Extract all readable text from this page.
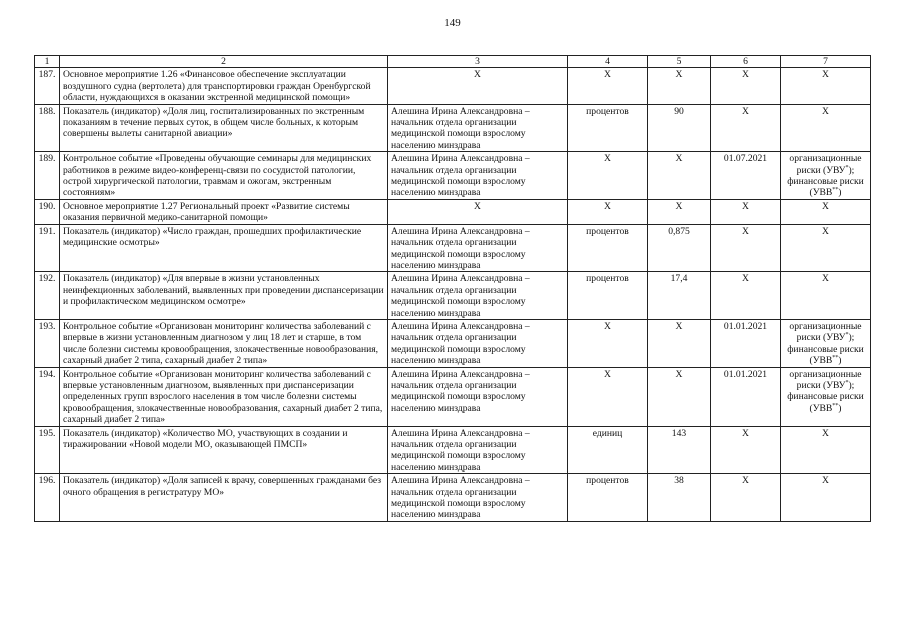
149
1	2	3	4	5	6	7
187.	Основное мероприятие 1.26 «Финансовое обеспечение эксплуатации воздушного судна (вертолета) для транспортировки граждан Оренбургской области, нуждающихся в оказании экстренной медицинской помощи»	X	X	X	X	X
188.	Показатель (индикатор) «Доля лиц, госпитализированных по экстренным показаниям в течение первых суток, в общем числе больных, к которым совершены вылеты санитарной авиации»	Алешина Ирина Александровна – начальник отдела организации медицинской помощи взрослому населению минздрава	процентов	90	X	X
189.	Контрольное событие «Проведены обучающие семинары для медицинских работников в режиме видео-конференц-связи по сосудистой патологии, острой хирургической патологии, травмам и ожогам, экстренным состояниям»	Алешина Ирина Александровна – начальник отдела организации медицинской помощи взрослому населению минздрава	X	X	01.07.2021	организационные риски (УВУ*); финансовые риски (УВВ**)
190.	Основное мероприятие 1.27 Региональный проект «Развитие системы оказания первичной медико-санитарной помощи»	X	X	X	X	X
191.	Показатель (индикатор) «Число граждан, прошедших профилактические медицинские осмотры»	Алешина Ирина Александровна – начальник отдела организации медицинской помощи взрослому населению минздрава	процентов	0,875	X	X
192.	Показатель (индикатор) «Для впервые в жизни установленных неинфекционных заболеваний, выявленных при проведении диспансеризации и профилактическом медицинском осмотре»	Алешина Ирина Александровна – начальник отдела организации медицинской помощи взрослому населению минздрава	процентов	17,4	X	X
193.	Контрольное событие «Организован мониторинг количества заболеваний с впервые в жизни установленным диагнозом у лиц 18 лет и старше, в том числе болезни системы кровообращения, злокачественные новообразования, сахарный диабет 2 типа, сахарный диабет 2 типа»	Алешина Ирина Александровна – начальник отдела организации медицинской помощи взрослому населению минздрава	X	X	01.01.2021	организационные риски (УВУ*); финансовые риски (УВВ**)
194.	Контрольное событие «Организован мониторинг количества заболеваний с впервые установленным диагнозом, выявленных при диспансеризации определенных групп взрослого населения в том числе болезни системы кровообращения, злокачественные новообразования, сахарный диабет 2 типа, сахарный диабет 2 типа»	Алешина Ирина Александровна – начальник отдела организации медицинской помощи взрослому населению минздрава	X	X	01.01.2021	организационные риски (УВУ*); финансовые риски (УВВ**)
195.	Показатель (индикатор) «Количество МО, участвующих в создании и тиражировании «Новой модели МО, оказывающей ПМСП»	Алешина Ирина Александровна – начальник отдела организации медицинской помощи взрослому населению минздрава	единиц	143	X	X
196.	Показатель (индикатор) «Доля записей к врачу, совершенных гражданами без очного обращения в регистратуру МО»	Алешина Ирина Александровна – начальник отдела организации медицинской помощи взрослому населению минздрава	процентов	38	X	X
